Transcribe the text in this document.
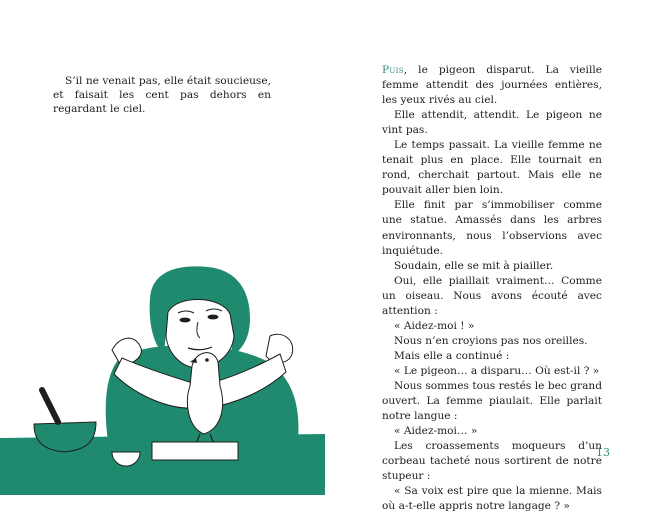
S’il ne venait pas, elle était soucieuse, et faisait les cent pas dehors en regardant le ciel.

Puis, le pigeon disparut. La vieille femme attendit des journées entières, les yeux rivés au ciel.

Elle attendit, attendit. Le pigeon ne vint pas.

Le temps passait. La vieille femme ne tenait plus en place. Elle tournait en rond, cherchait partout. Mais elle ne pouvait aller bien loin.

Elle finit par s’immobiliser comme une statue. Amassés dans les arbres environnants, nous l’observions avec inquiétude.

Soudain, elle se mit à piailler.

Oui, elle piaillait vraiment… Comme un oiseau. Nous avons écouté avec attention :

« Aidez-moi ! »

Nous n’en croyions pas nos oreilles.

Mais elle a continué :

« Le pigeon… a disparu… Où est-il ? »

Nous sommes tous restés le bec grand ouvert. La femme piaulait. Elle parlait notre langue :

« Aidez-moi… »

Les croassements moqueurs d’un corbeau tacheté nous sortirent de notre stupeur :

« Sa voix est pire que la mienne. Mais où a-t-elle appris notre langage ? »

13
